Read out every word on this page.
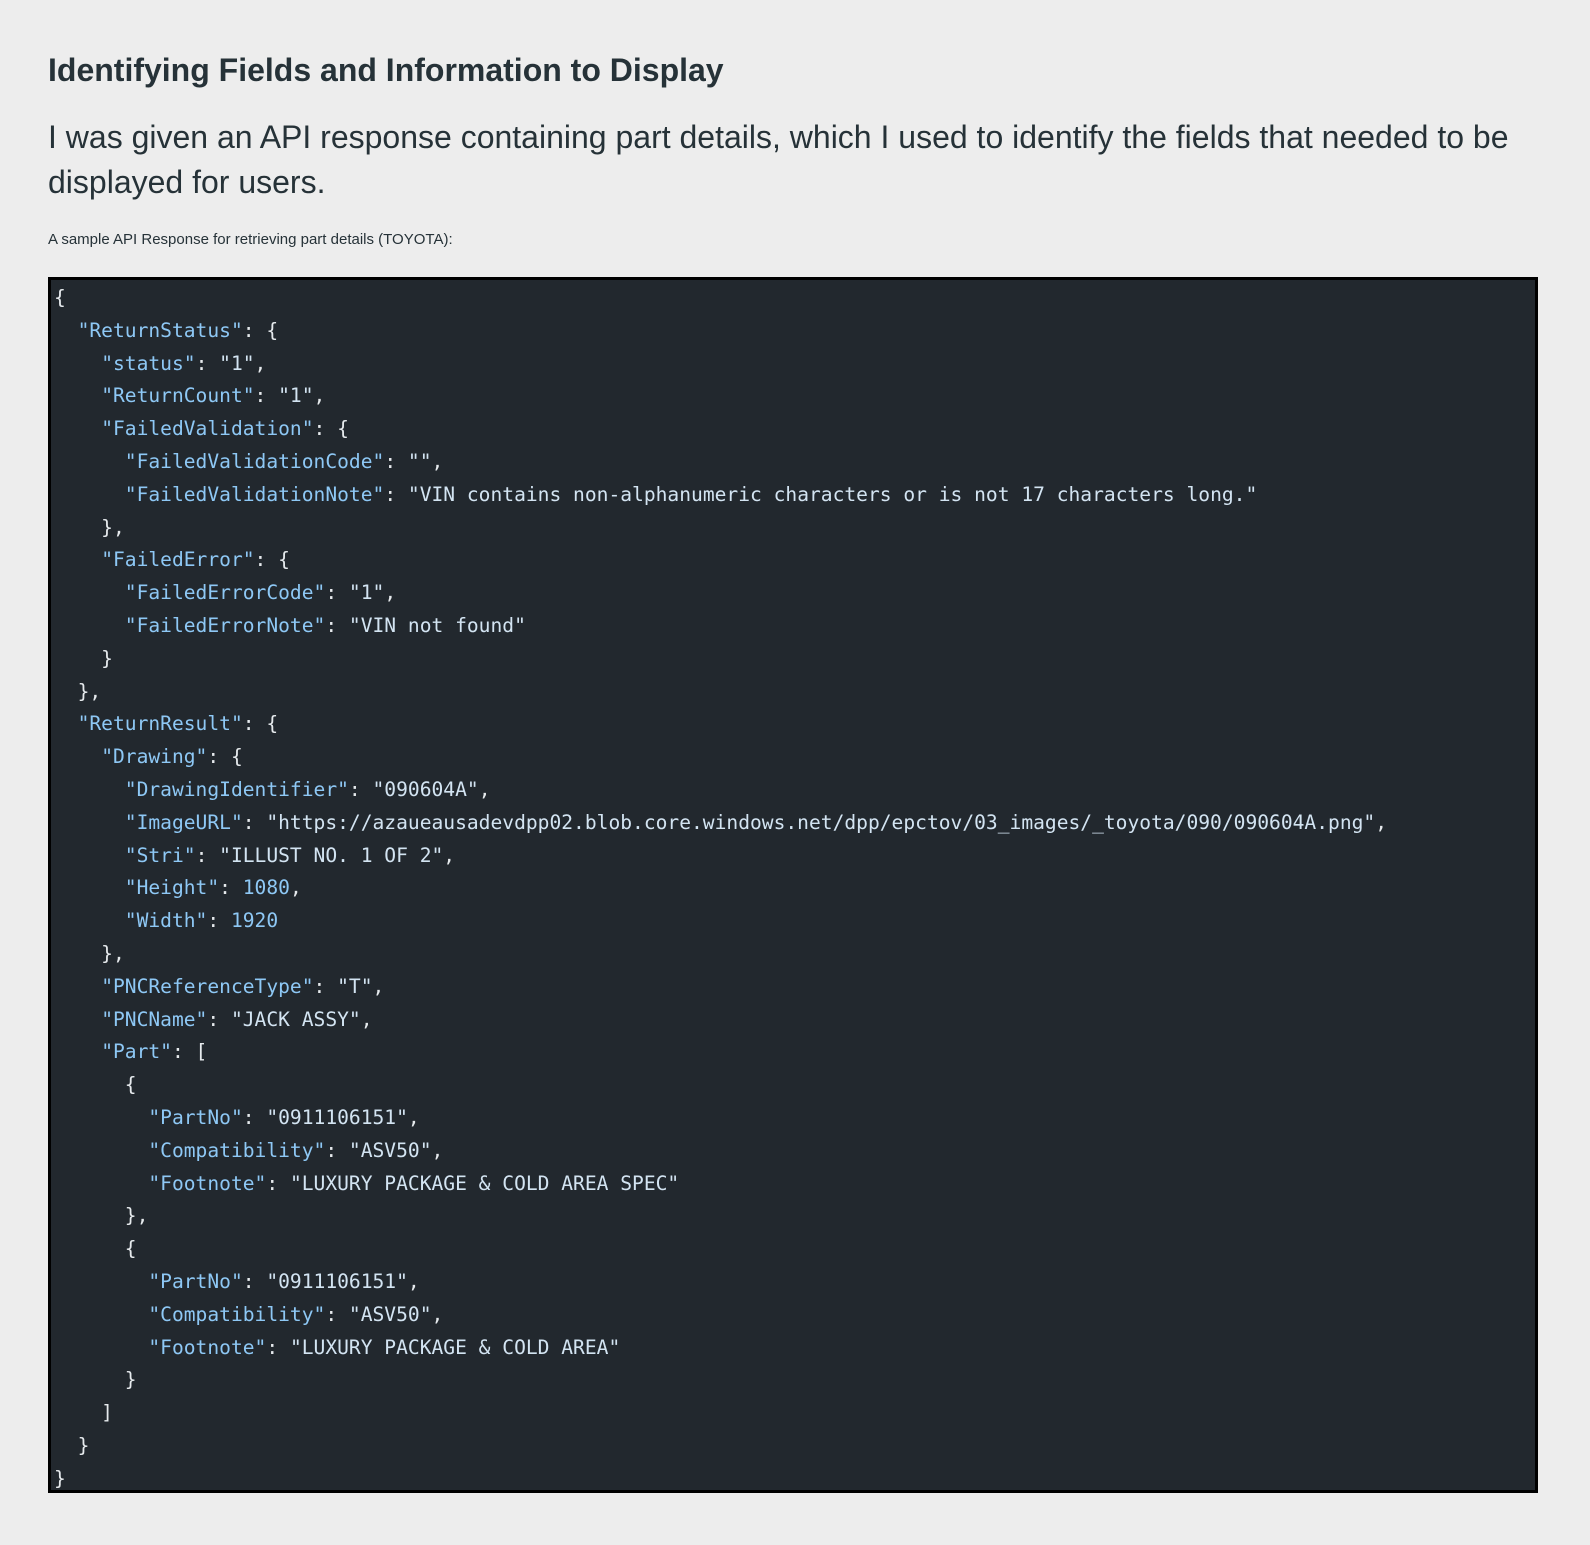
Identifying Fields and Information to Display

I was given an API response containing part details, which I used to identify the fields that needed to be displayed for users.

A sample API Response for retrieving part details (TOYOTA):

{
"ReturnStatus": {
"status": "1",
"ReturnCount": "1",
"FailedValidation": {
"FailedValidationCode": "",
"FailedValidationNote": "VIN contains non-alphanumeric characters or is not 17 characters long."
},
"FailedError": {
"FailedErrorCode": "1",
"FailedErrorNote": "VIN not found"
}
},
"ReturnResult": {
"Drawing": {
"DrawingIdentifier": "090604A",
"ImageURL": "https://azaueausadevdpp02.blob.core.windows.net/dpp/epctov/03_images/_toyota/090/090604A.png",
"Stri": "ILLUST NO. 1 OF 2",
"Height": 1080,
"Width": 1920
},
"PNCReferenceType": "T",
"PNCName": "JACK ASSY",
"Part": [
{
"PartNo": "0911106151",
"Compatibility": "ASV50",
"Footnote": "LUXURY PACKAGE & COLD AREA SPEC"
},
{
"PartNo": "0911106151",
"Compatibility": "ASV50",
"Footnote": "LUXURY PACKAGE & COLD AREA"
}
]
}
}
